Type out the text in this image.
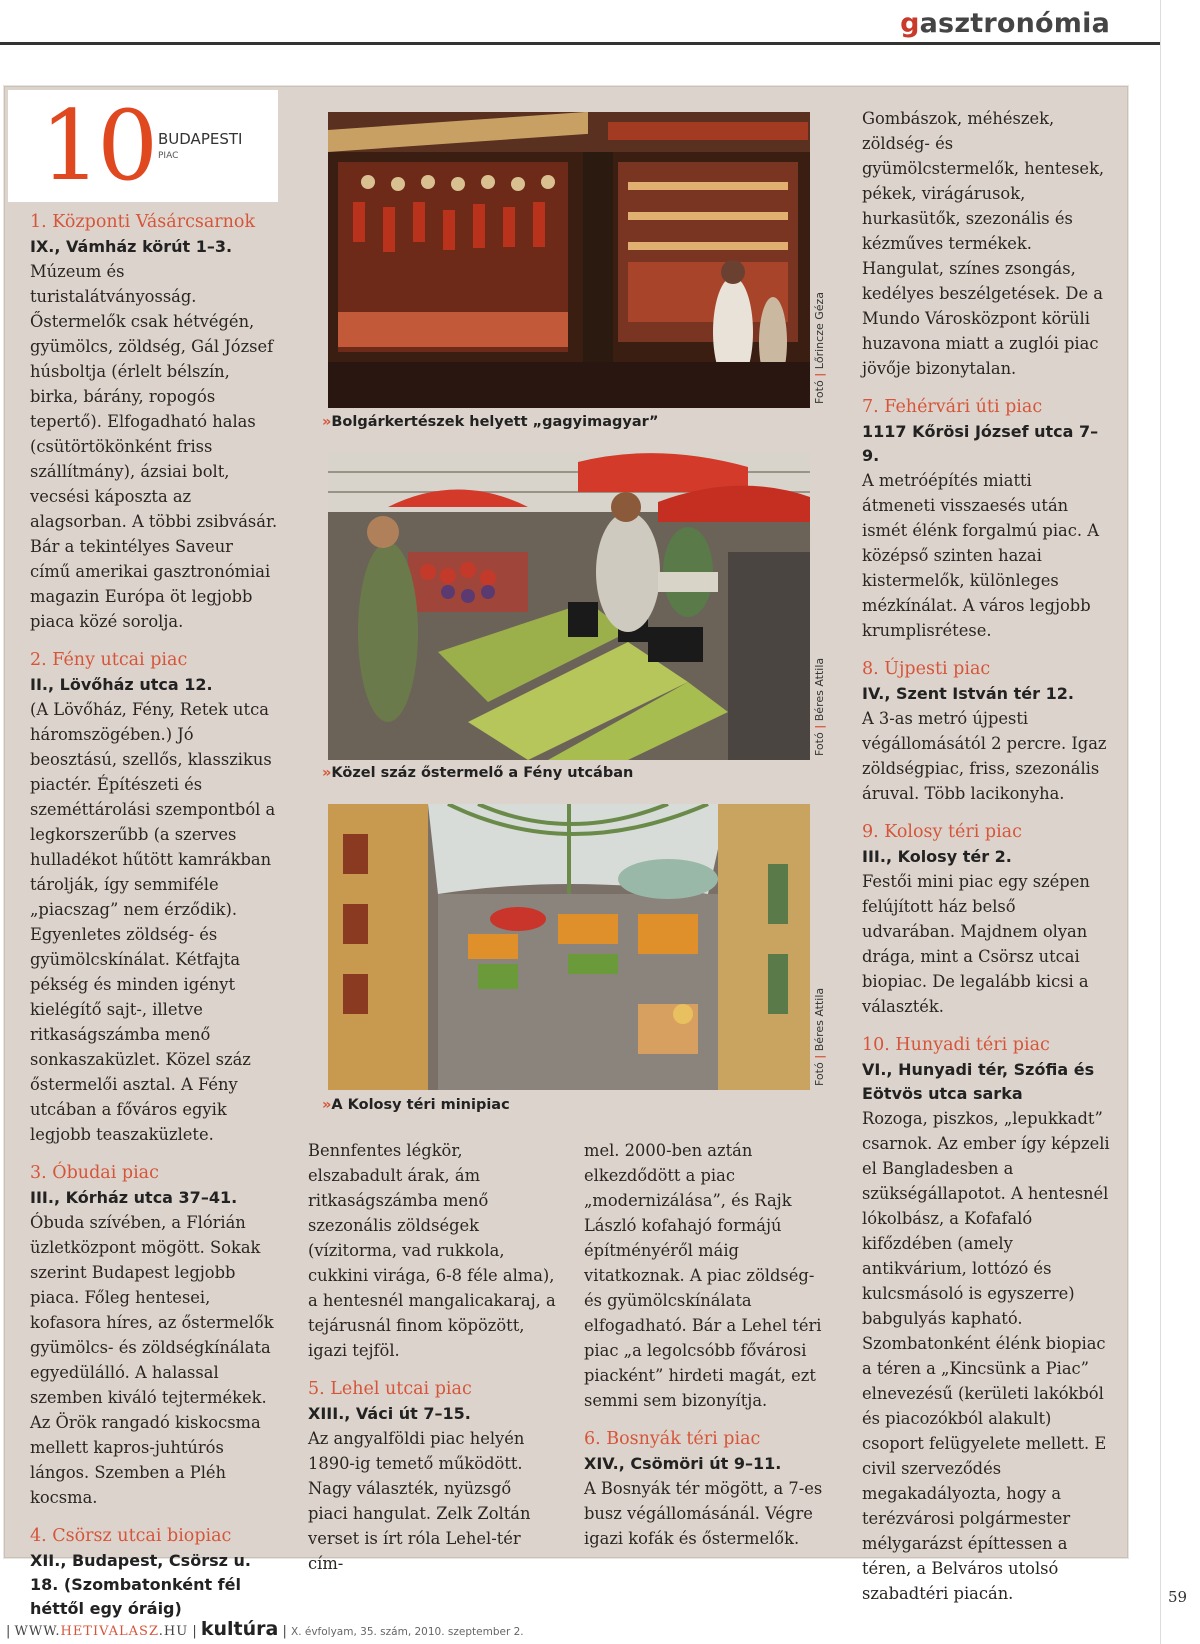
gasztronómia
10 BUDAPESTI
PIAC

1. Központi Vásárcsarnok

IX., Vámház körút 1–3.

Múzeum és turistalátványosság. Őstermelők csak hétvégén, gyümölcs, zöldség, Gál József húsboltja (érlelt bélszín, birka, bárány, ropogós tepertő). Elfogadható halas (csütörtökönként friss szállítmány), ázsiai bolt, vecsési káposzta az alagsorban. A többi zsibvásár. Bár a tekintélyes Saveur című amerikai gasztronómiai magazin Európa öt legjobb piaca közé sorolja.

2. Fény utcai piac

II., Lövőház utca 12.

(A Lövőház, Fény, Retek utca háromszögében.) Jó beosztású, szellős, klasszikus piactér. Építészeti és szeméttárolási szempontból a legkorszerűbb (a szerves hulladékot hűtött kamrákban tárolják, így semmiféle „piacszag” nem érződik). Egyenletes zöldség- és gyümölcskínálat. Kétfajta pékség és minden igényt kielégítő sajt-, illetve ritkaságszámba menő sonkaszaküzlet. Közel száz őstermelői asztal. A Fény utcában a főváros egyik legjobb teaszaküzlete.

3. Óbudai piac

III., Kórház utca 37–41.

Óbuda szívében, a Flórián üzletközpont mögött. Sokak szerint Budapest legjobb piaca. Főleg hentesei, kofasora híres, az őstermelők gyümölcs- és zöldségkínálata egyedülálló. A halassal szemben kiváló tejtermékek. Az Örök rangadó kiskocsma mellett kapros-juhtúrós lángos. Szemben a Pléh kocsma.

4. Csörsz utcai biopiac

XII., Budapest, Csörsz u. 18. (Szombatonként fél héttől egy óráig)

Fotó | Lőrincze Géza
»Bolgárkertészek helyett „gagyimagyar”
Fotó | Béres Attila
»Közel száz őstermelő a Fény utcában
Fotó | Béres Attila
»A Kolosy téri minipiac

Bennfentes légkör, elszabadult árak, ám ritkaságszámba menő szezonális zöldségek (vízitorma, vad rukkola, cukkini virága, 6-8 féle alma), a hentesnél mangalicakaraj, a tejárusnál finom köpözött, igazi tejföl.

5. Lehel utcai piac

XIII., Váci út 7–15.

Az angyalföldi piac helyén 1890-ig temető működött. Nagy választék, nyüzsgő piaci hangulat. Zelk Zoltán verset is írt róla Lehel-tér cím-

mel. 2000-ben aztán elkezdődött a piac „modernizálása”, és Rajk László kofahajó formájú építményéről máig vitatkoznak. A piac zöldség- és gyümölcskínálata elfogadható. Bár a Lehel téri piac „a legolcsóbb fővárosi piacként” hirdeti magát, ezt semmi sem bizonyítja.

6. Bosnyák téri piac

XIV., Csömöri út 9–11.

A Bosnyák tér mögött, a 7-es busz végállomásánál. Végre igazi kofák és őstermelők.

Gombászok, méhészek, zöldség- és gyümölcstermelők, hentesek, pékek, virágárusok, hurkasütők, szezonális és kézműves termékek. Hangulat, színes zsongás, kedélyes beszélgetések. De a Mundo Városközpont körüli huzavona miatt a zuglói piac jövője bizonytalan.

7. Fehérvári úti piac

1117 Kőrösi József utca 7–9.

A metróépítés miatti átmeneti visszaesés után ismét élénk forgalmú piac. A középső szinten hazai kistermelők, különleges mézkínálat. A város legjobb krumplisrétese.

8. Újpesti piac

IV., Szent István tér 12.

A 3-as metró újpesti végállomásától 2 percre. Igaz zöldségpiac, friss, szezonális áruval. Több lacikonyha.

9. Kolosy téri piac

III., Kolosy tér 2.

Festői mini piac egy szépen felújított ház belső udvarában. Majdnem olyan drága, mint a Csörsz utcai biopiac. De legalább kicsi a választék.

10. Hunyadi téri piac

VI., Hunyadi tér, Szófia és Eötvös utca sarka

Rozoga, piszkos, „lepukkadt” csarnok. Az ember így képzeli el Bangladesben a szükségállapotot. A hentesnél lókolbász, a Kofafaló kifőzdében (amely antikvárium, lottózó és kulcsmásoló is egyszerre) babgulyás kapható. Szombatonként élénk biopiac a téren a „Kincsünk a Piac” elnevezésű (kerületi lakókból és piacozókból alakult) csoport felügyelete mellett. E civil szerveződés megakadályozta, hogy a terézvárosi polgármester mélygarázst építtessen a téren, a Belváros utolsó szabadtéri piacán.	59
| WWW.HETIVALASZ.HU | kultúra | X. évfolyam, 35. szám, 2010. szeptember 2.
